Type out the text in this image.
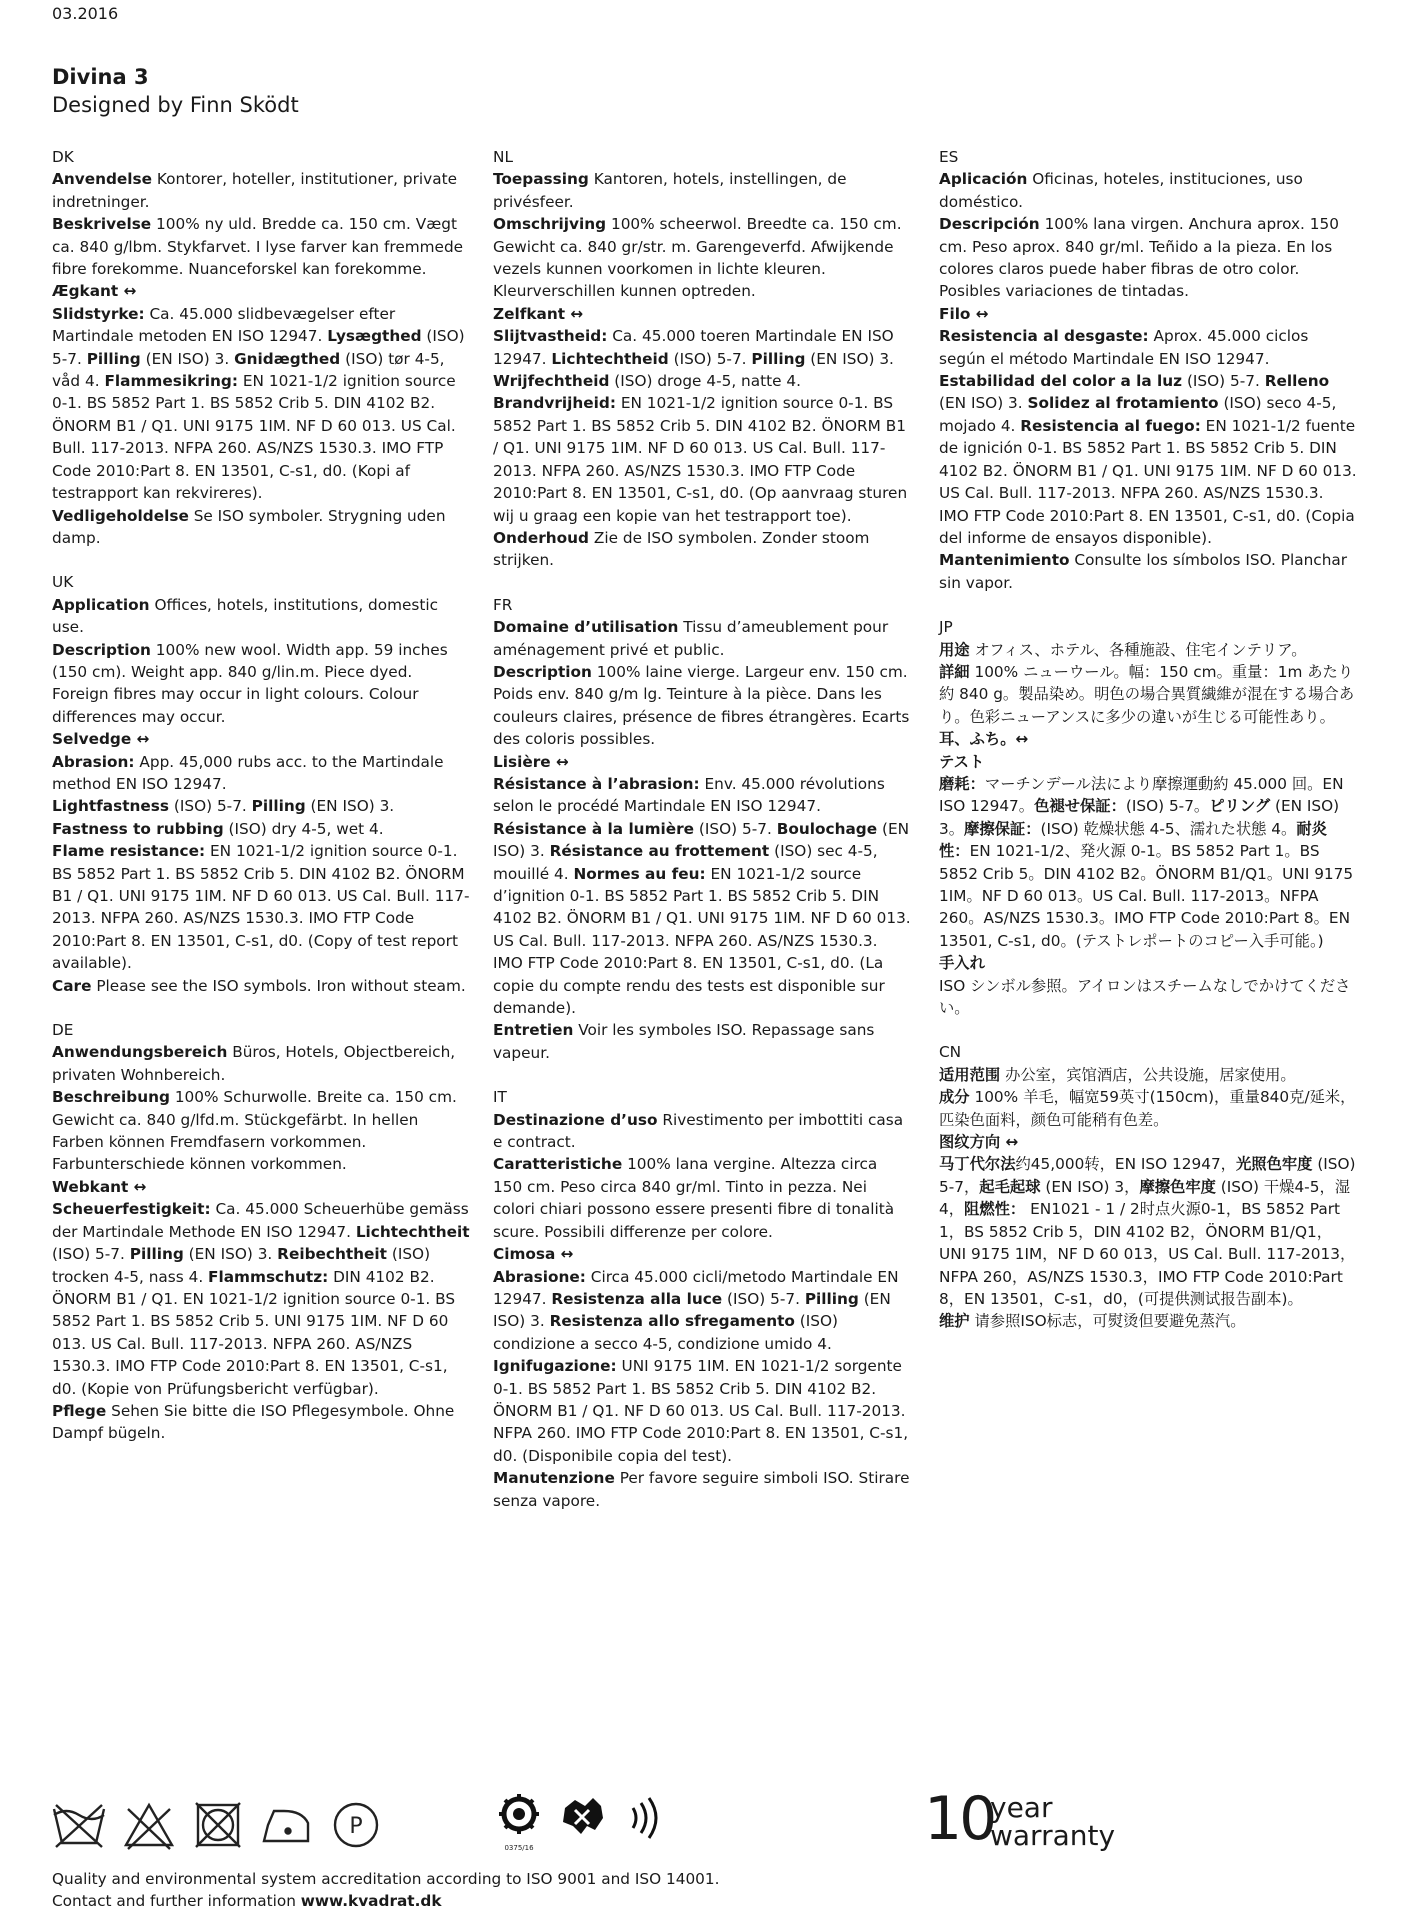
03.2016
Divina 3
Designed by Finn Sködt
DK

Anvendelse Kontorer, hoteller, institutioner, private indretninger.

Beskrivelse 100% ny uld. Bredde ca. 150 cm. Vægt ca. 840 g/lbm. Stykfarvet. I lyse farver kan fremmede fibre forekomme. Nuanceforskel kan forekomme.

Ægkant ↔

Slidstyrke: Ca. 45.000 slidbevægelser efter Martindale metoden EN ISO 12947. Lysægthed (ISO) 5-7. Pilling (EN ISO) 3. Gnidægthed (ISO) tør 4-5, våd 4. Flammesikring: EN 1021-1/2 ignition source 0-1. BS 5852 Part 1. BS 5852 Crib 5. DIN 4102 B2. ÖNORM B1 / Q1. UNI 9175 1IM. NF D 60 013. US Cal. Bull. 117-2013. NFPA 260. AS/NZS 1530.3. IMO FTP Code 2010:Part 8. EN 13501, C-s1, d0. (Kopi af testrapport kan rekvireres).

Vedligeholdelse Se ISO symboler. Strygning uden damp.

UK

Application Offices, hotels, institutions, domestic use.

Description 100% new wool. Width app. 59 inches (150 cm). Weight app. 840 g/lin.m. Piece dyed. Foreign fibres may occur in light colours. Colour differences may occur.

Selvedge ↔

Abrasion: App. 45,000 rubs acc. to the Martindale method EN ISO 12947.

Lightfastness (ISO) 5-7. Pilling (EN ISO) 3.

Fastness to rubbing (ISO) dry 4-5, wet 4.

Flame resistance: EN 1021-1/2 ignition source 0-1. BS 5852 Part 1. BS 5852 Crib 5. DIN 4102 B2. ÖNORM B1 / Q1. UNI 9175 1IM. NF D 60 013. US Cal. Bull. 117-2013. NFPA 260. AS/NZS 1530.3. IMO FTP Code 2010:Part 8. EN 13501, C-s1, d0. (Copy of test report available).

Care Please see the ISO symbols. Iron without steam.

DE

Anwendungsbereich Büros, Hotels, Objectbereich, privaten Wohnbereich.

Beschreibung 100% Schurwolle. Breite ca. 150 cm. Gewicht ca. 840 g/lfd.m. Stückgefärbt. In hellen Farben können Fremdfasern vorkommen. Farbunterschiede können vorkommen.

Webkant ↔

Scheuerfestigkeit: Ca. 45.000 Scheuerhübe gemäss der Martindale Methode EN ISO 12947. Lichtechtheit (ISO) 5-7. Pilling (EN ISO) 3. Reibechtheit (ISO) trocken 4-5, nass 4. Flammschutz: DIN 4102 B2. ÖNORM B1 / Q1. EN 1021-1/2 ignition source 0-1. BS 5852 Part 1. BS 5852 Crib 5. UNI 9175 1IM. NF D 60 013. US Cal. Bull. 117-2013. NFPA 260. AS/NZS 1530.3. IMO FTP Code 2010:Part 8. EN 13501, C-s1, d0. (Kopie von Prüfungsbericht verfügbar).

Pflege Sehen Sie bitte die ISO Pflegesymbole. Ohne Dampf bügeln.

NL

Toepassing Kantoren, hotels, instellingen, de privésfeer.

Omschrijving 100% scheerwol. Breedte ca. 150 cm. Gewicht ca. 840 gr/str. m. Garengeverfd. Afwijkende vezels kunnen voorkomen in lichte kleuren. Kleurverschillen kunnen optreden.

Zelfkant ↔

Slijtvastheid: Ca. 45.000 toeren Martindale EN ISO 12947. Lichtechtheid (ISO) 5-7. Pilling (EN ISO) 3. Wrijfechtheid (ISO) droge 4-5, natte 4. Brandvrijheid: EN 1021-1/2 ignition source 0-1. BS 5852 Part 1. BS 5852 Crib 5. DIN 4102 B2. ÖNORM B1 / Q1. UNI 9175 1IM. NF D 60 013. US Cal. Bull. 117-2013. NFPA 260. AS/NZS 1530.3. IMO FTP Code 2010:Part 8. EN 13501, C-s1, d0. (Op aanvraag sturen wij u graag een kopie van het testrapport toe).

Onderhoud Zie de ISO symbolen. Zonder stoom strijken.

FR

Domaine d’utilisation Tissu d’ameublement pour aménagement privé et public.

Description 100% laine vierge. Largeur env. 150 cm. Poids env. 840 g/m lg. Teinture à la pièce. Dans les couleurs claires, présence de fibres étrangères. Ecarts des coloris possibles.

Lisière ↔

Résistance à l’abrasion: Env. 45.000 révolutions selon le procédé Martindale EN ISO 12947. Résistance à la lumière (ISO) 5-7. Boulochage (EN ISO) 3. Résistance au frottement (ISO) sec 4-5, mouillé 4. Normes au feu: EN 1021-1/2 source d’ignition 0-1. BS 5852 Part 1. BS 5852 Crib 5. DIN 4102 B2. ÖNORM B1 / Q1. UNI 9175 1IM. NF D 60 013. US Cal. Bull. 117-2013. NFPA 260. AS/NZS 1530.3. IMO FTP Code 2010:Part 8. EN 13501, C-s1, d0. (La copie du compte rendu des tests est disponible sur demande).

Entretien Voir les symboles ISO. Repassage sans vapeur.

IT

Destinazione d’uso Rivestimento per imbottiti casa e contract.

Caratteristiche 100% lana vergine. Altezza circa 150 cm. Peso circa 840 gr/ml. Tinto in pezza. Nei colori chiari possono essere presenti fibre di tonalità scure. Possibili differenze per colore.

Cimosa ↔

Abrasione: Circa 45.000 cicli/metodo Martindale EN 12947. Resistenza alla luce (ISO) 5-7. Pilling (EN ISO) 3. Resistenza allo sfregamento (ISO) condizione a secco 4-5, condizione umido 4. Ignifugazione: UNI 9175 1IM. EN 1021-1/2 sorgente 0-1. BS 5852 Part 1. BS 5852 Crib 5. DIN 4102 B2. ÖNORM B1 / Q1. NF D 60 013. US Cal. Bull. 117-2013. NFPA 260. IMO FTP Code 2010:Part 8. EN 13501, C-s1, d0. (Disponibile copia del test).

Manutenzione Per favore seguire simboli ISO. Stirare senza vapore.

ES

Aplicación Oficinas, hoteles, instituciones, uso doméstico.

Descripción 100% lana virgen. Anchura aprox. 150 cm. Peso aprox. 840 gr/ml. Teñido a la pieza. En los colores claros puede haber fibras de otro color. Posibles variaciones de tintadas.

Filo ↔

Resistencia al desgaste: Aprox. 45.000 ciclos según el método Martindale EN ISO 12947. Estabilidad del color a la luz (ISO) 5-7. Relleno (EN ISO) 3. Solidez al frotamiento (ISO) seco 4-5, mojado 4. Resistencia al fuego: EN 1021-1/2 fuente de ignición 0-1. BS 5852 Part 1. BS 5852 Crib 5. DIN 4102 B2. ÖNORM B1 / Q1. UNI 9175 1IM. NF D 60 013. US Cal. Bull. 117-2013. NFPA 260. AS/NZS 1530.3. IMO FTP Code 2010:Part 8. EN 13501, C-s1, d0. (Copia del informe de ensayos disponible).

Mantenimiento Consulte los símbolos ISO. Planchar sin vapor.

JP

用途 オフィス、ホテル、各種施設、住宅インテリア。

詳細 100% ニューウール。幅：150 cm。重量：1m あたり約 840 g。製品染め。明色の場合異質繊維が混在する場合あり。色彩ニューアンスに多少の違いが生じる可能性あり。

耳、ふち。↔

テスト

磨耗：マーチンデール法により摩擦運動約 45.000 回。EN ISO 12947。色褪せ保証：(ISO) 5-7。ピリング (EN ISO) 3。摩擦保証：(ISO) 乾燥状態 4-5、濡れた状態 4。耐炎性：EN 1021-1/2、発火源 0-1。BS 5852 Part 1。BS 5852 Crib 5。DIN 4102 B2。ÖNORM B1/Q1。UNI 9175 1IM。NF D 60 013。US Cal. Bull. 117-2013。NFPA 260。AS/NZS 1530.3。IMO FTP Code 2010:Part 8。EN 13501, C-s1, d0。(テストレポートのコピー入手可能。)

手入れ

ISO シンボル参照。アイロンはスチームなしでかけてください。

CN

适用范围 办公室，宾馆酒店，公共设施，居家使用。

成分 100% 羊毛，幅宽59英寸(150cm)，重量840克/延米，匹染色面料，颜色可能稍有色差。

图纹方向 ↔

马丁代尔法约45,000转，EN ISO 12947，光照色牢度 (ISO) 5-7，起毛起球 (EN ISO) 3，摩擦色牢度 (ISO) 干燥4-5，湿4，阻燃性： EN1021 - 1 / 2时点火源0-1，BS 5852 Part 1，BS 5852 Crib 5，DIN 4102 B2，ÖNORM B1/Q1，UNI 9175 1IM，NF D 60 013，US Cal. Bull. 117-2013，NFPA 260，AS/NZS 1530.3，IMO FTP Code 2010:Part 8，EN 13501，C-s1，d0，(可提供测试报告副本)。

维护 请参照ISO标志，可熨烫但要避免蒸汽。

P
0375/16	10
year
warranty
Quality and environmental system accreditation according to ISO 9001 and ISO 14001.
Contact and further information www.kvadrat.dk
